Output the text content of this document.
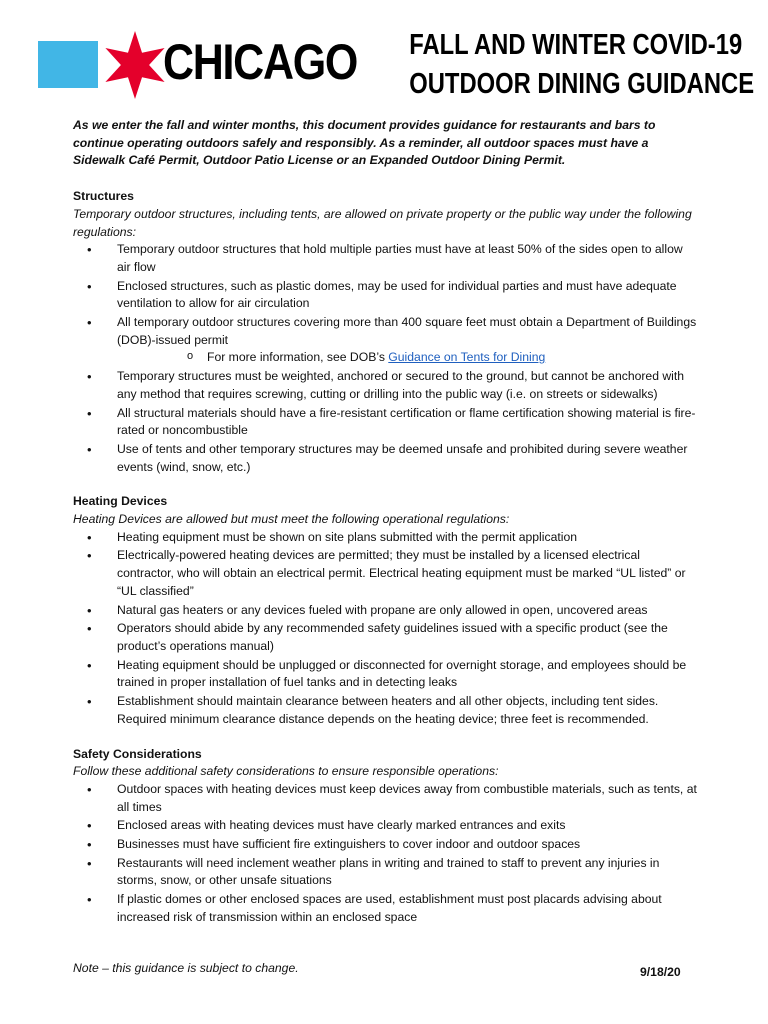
CHICAGO FALL AND WINTER COVID-19
OUTDOOR DINING GUIDANCE

As we enter the fall and winter months, this document provides guidance for restaurants and bars to continue operating outdoors safely and responsibly. As a reminder, all outdoor spaces must have a Sidewalk Café Permit, Outdoor Patio License or an Expanded Outdoor Dining Permit.

Structures

Temporary outdoor structures, including tents, are allowed on private property or the public way under the following regulations:

• Temporary outdoor structures that hold multiple parties must have at least 50% of the sides open to allow air flow
• Enclosed structures, such as plastic domes, may be used for individual parties and must have adequate ventilation to allow for air circulation
• All temporary outdoor structures covering more than 400 square feet must obtain a Department of Buildings (DOB)-issued permit
o For more information, see DOB’s Guidance on Tents for Dining
• Temporary structures must be weighted, anchored or secured to the ground, but cannot be anchored with any method that requires screwing, cutting or drilling into the public way (i.e. on streets or sidewalks)
• All structural materials should have a fire-resistant certification or flame certification showing material is fire-rated or noncombustible
• Use of tents and other temporary structures may be deemed unsafe and prohibited during severe weather events (wind, snow, etc.)

Heating Devices

Heating Devices are allowed but must meet the following operational regulations:

• Heating equipment must be shown on site plans submitted with the permit application
• Electrically-powered heating devices are permitted; they must be installed by a licensed electrical contractor, who will obtain an electrical permit. Electrical heating equipment must be marked “UL listed” or “UL classified”
• Natural gas heaters or any devices fueled with propane are only allowed in open, uncovered areas
• Operators should abide by any recommended safety guidelines issued with a specific product (see the product’s operations manual)
• Heating equipment should be unplugged or disconnected for overnight storage, and employees should be trained in proper installation of fuel tanks and in detecting leaks
• Establishment should maintain clearance between heaters and all other objects, including tent sides. Required minimum clearance distance depends on the heating device; three feet is recommended.

Safety Considerations

Follow these additional safety considerations to ensure responsible operations:

• Outdoor spaces with heating devices must keep devices away from combustible materials, such as tents, at all times
• Enclosed areas with heating devices must have clearly marked entrances and exits
• Businesses must have sufficient fire extinguishers to cover indoor and outdoor spaces
• Restaurants will need inclement weather plans in writing and trained to staff to prevent any injuries in storms, snow, or other unsafe situations
• If plastic domes or other enclosed spaces are used, establishment must post placards advising about increased risk of transmission within an enclosed space
Note – this guidance is subject to change.	9/18/20
